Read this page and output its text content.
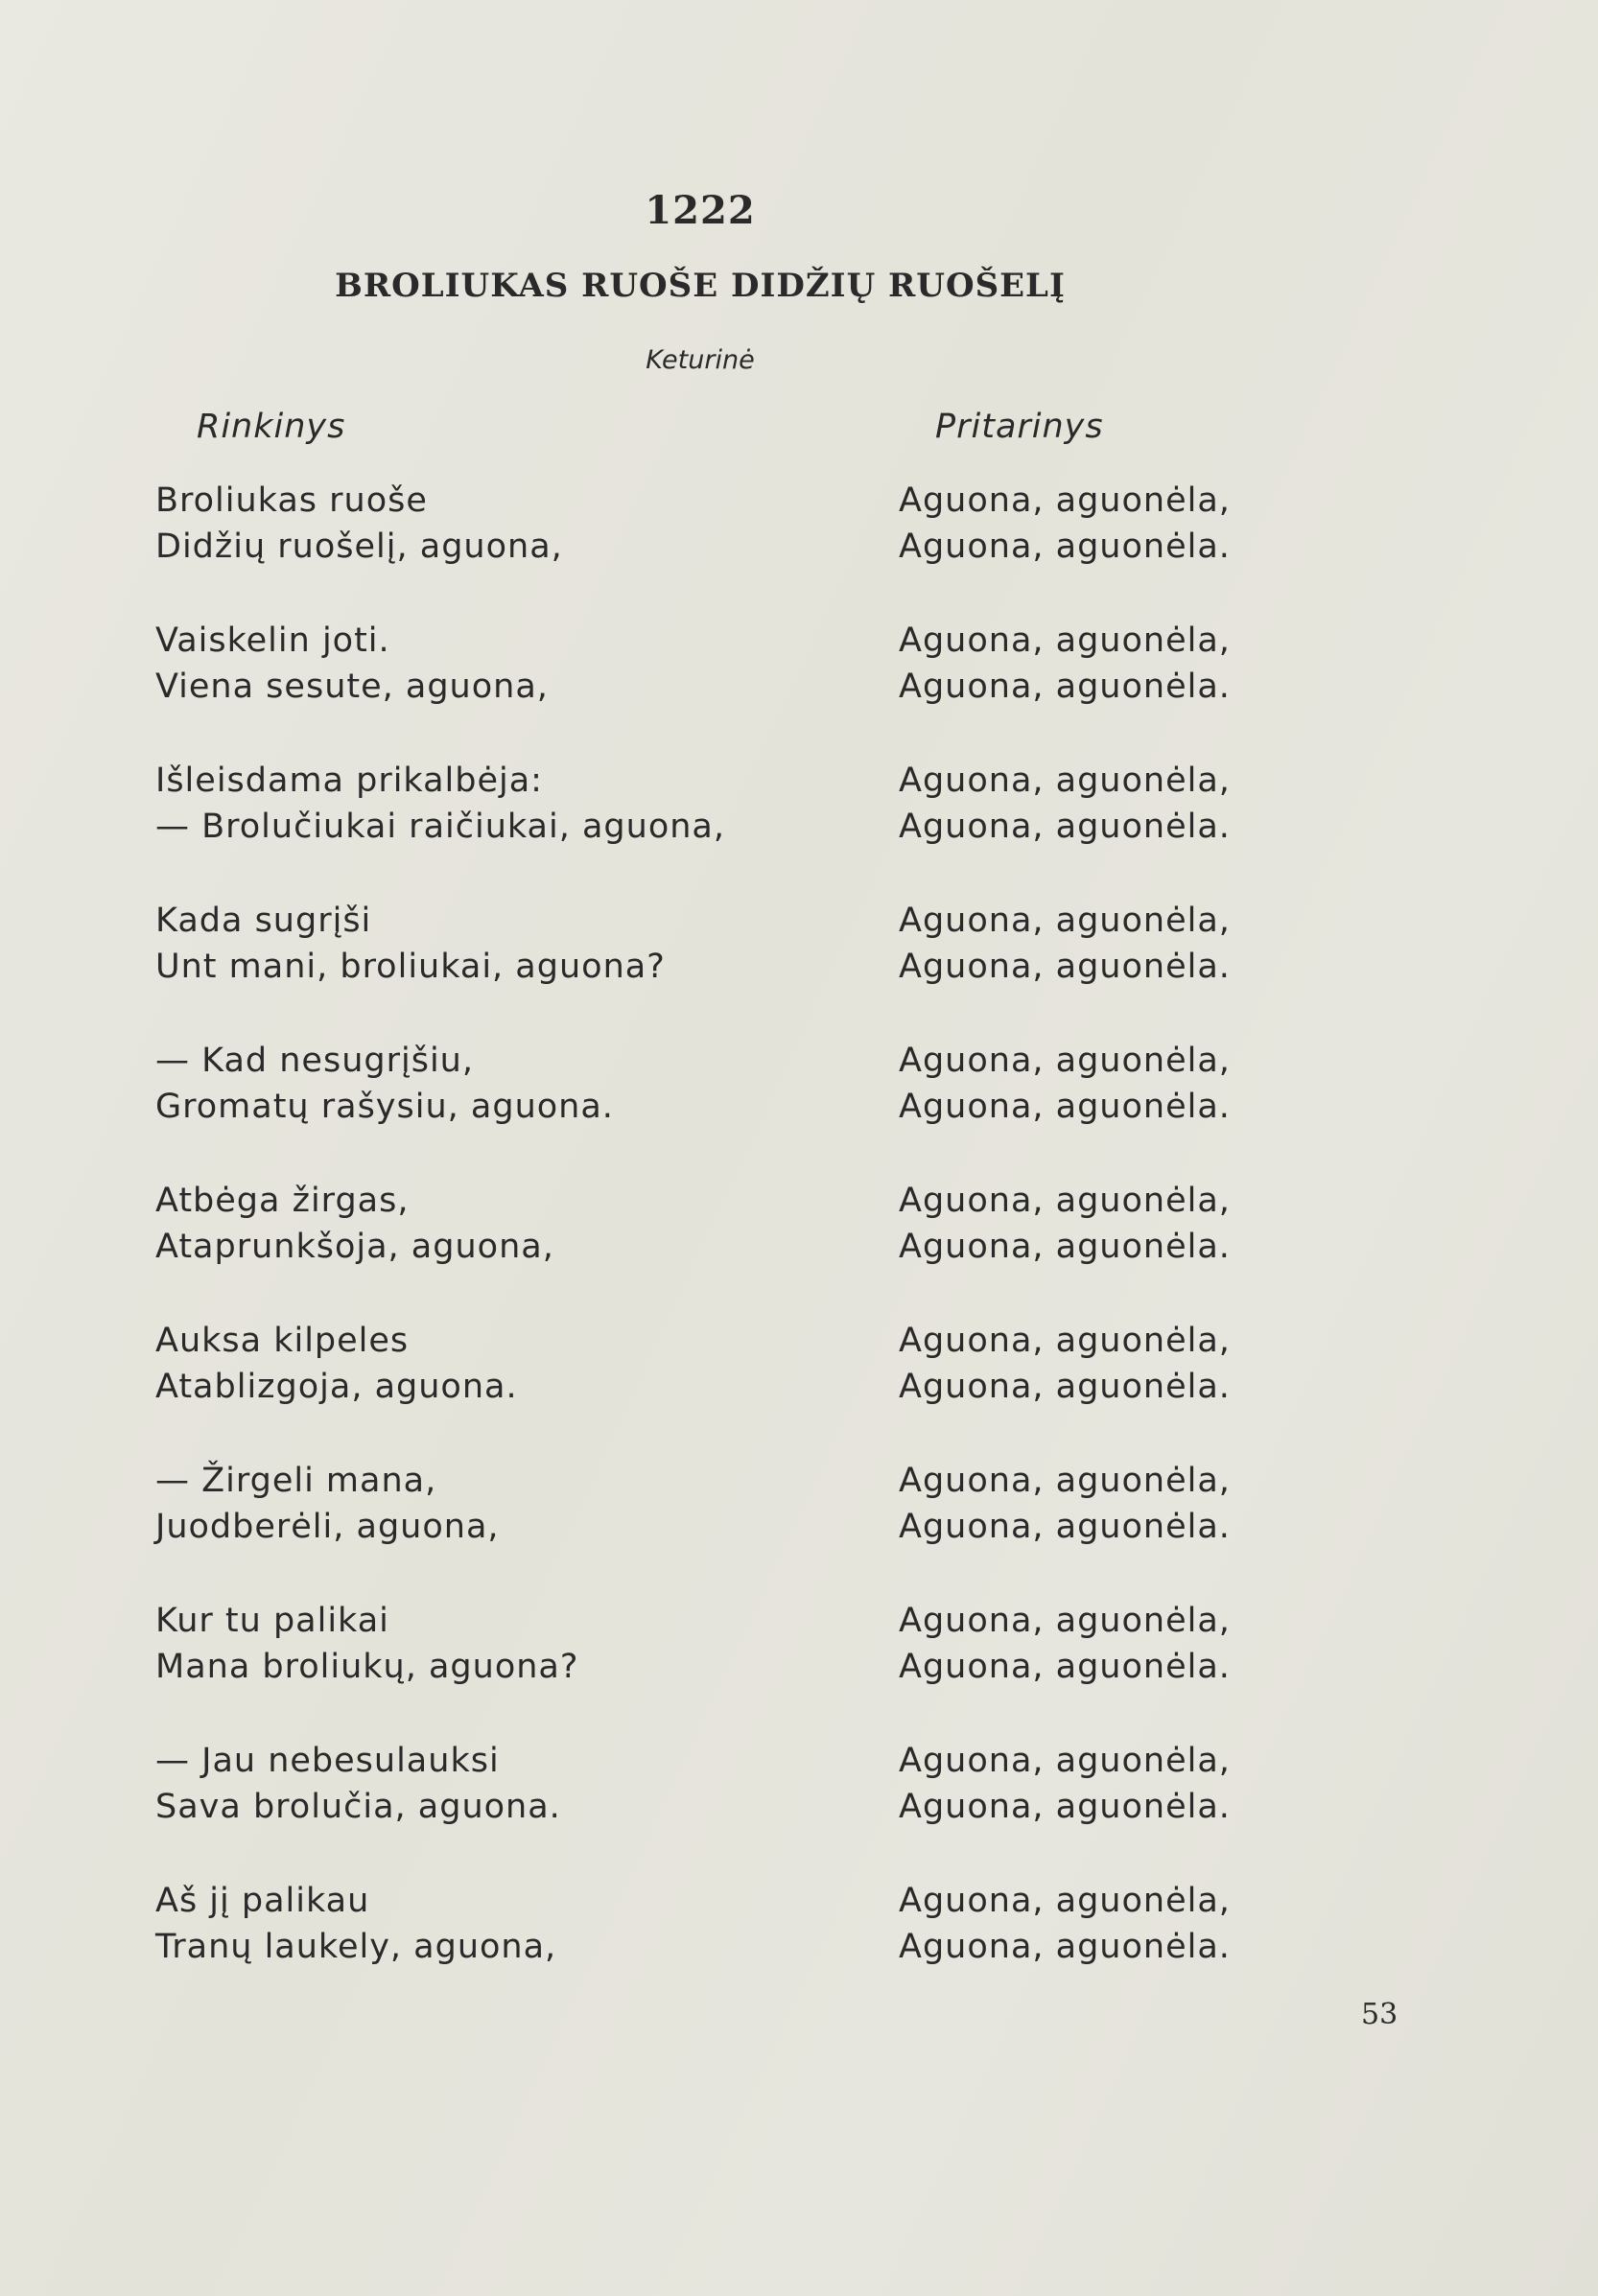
1222
BROLIUKAS RUOŠE DIDŽIŲ RUOŠELĮ
Keturinė
Rinkinys	Pritarinys
Broliukas ruoše
Didžių ruošelį, aguona,
Aguona, aguonėla,
Aguona, aguonėla.
Vaiskelin joti.
Viena sesute, aguona,
Aguona, aguonėla,
Aguona, aguonėla.
Išleisdama prikalbėja:
— Brolučiukai raičiukai, aguona,
Aguona, aguonėla,
Aguona, aguonėla.
Kada sugrįši
Unt mani, broliukai, aguona?
Aguona, aguonėla,
Aguona, aguonėla.
— Kad nesugrįšiu,
Gromatų rašysiu, aguona.
Aguona, aguonėla,
Aguona, aguonėla.
Atbėga žirgas,
Ataprunkšoja, aguona,
Aguona, aguonėla,
Aguona, aguonėla.
Auksa kilpeles
Atablizgoja, aguona.
Aguona, aguonėla,
Aguona, aguonėla.
— Žirgeli mana,
Juodberėli, aguona,
Aguona, aguonėla,
Aguona, aguonėla.
Kur tu palikai
Mana broliukų, aguona?
Aguona, aguonėla,
Aguona, aguonėla.
— Jau nebesulauksi
Sava brolučia, aguona.
Aguona, aguonėla,
Aguona, aguonėla.
Aš jį palikau
Tranų laukely, aguona,
Aguona, aguonėla,
Aguona, aguonėla.
53
